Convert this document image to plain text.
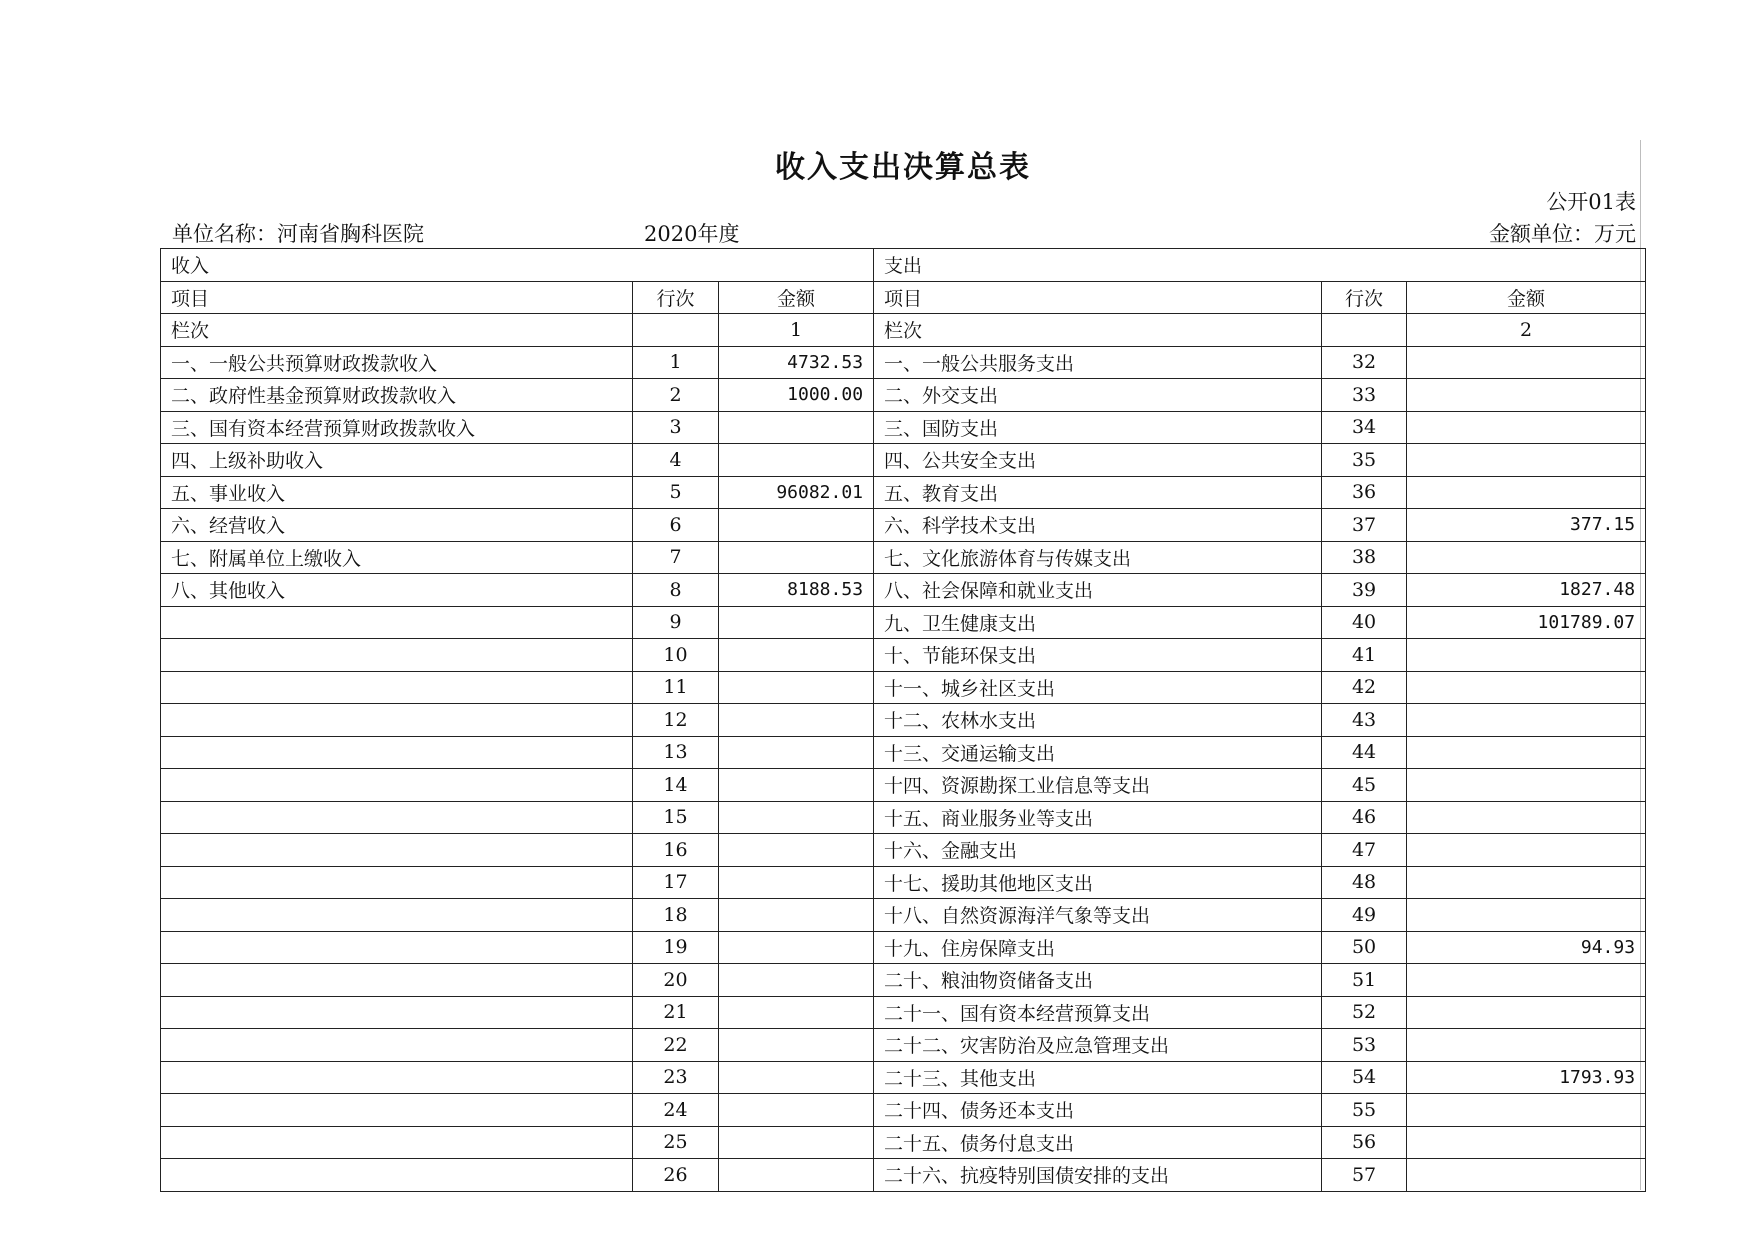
收入支出决算总表
公开01表
单位名称：河南省胸科医院	2020年度	金额单位：万元
收入			支出		
项目	行次	金额	项目	行次	金额
栏次		1	栏次		2
一、一般公共预算财政拨款收入	1	4732.53	一、一般公共服务支出	32	
二、政府性基金预算财政拨款收入	2	1000.00	二、外交支出	33	
三、国有资本经营预算财政拨款收入	3		三、国防支出	34	
四、上级补助收入	4		四、公共安全支出	35	
五、事业收入	5	96082.01	五、教育支出	36	
六、经营收入	6		六、科学技术支出	37	377.15
七、附属单位上缴收入	7		七、文化旅游体育与传媒支出	38	
八、其他收入	8	8188.53	八、社会保障和就业支出	39	1827.48
	9		九、卫生健康支出	40	101789.07
	10		十、节能环保支出	41	
	11		十一、城乡社区支出	42	
	12		十二、农林水支出	43	
	13		十三、交通运输支出	44	
	14		十四、资源勘探工业信息等支出	45	
	15		十五、商业服务业等支出	46	
	16		十六、金融支出	47	
	17		十七、援助其他地区支出	48	
	18		十八、自然资源海洋气象等支出	49	
	19		十九、住房保障支出	50	94.93
	20		二十、粮油物资储备支出	51	
	21		二十一、国有资本经营预算支出	52	
	22		二十二、灾害防治及应急管理支出	53	
	23		二十三、其他支出	54	1793.93
	24		二十四、债务还本支出	55	
	25		二十五、债务付息支出	56	
	26		二十六、抗疫特别国债安排的支出	57	
